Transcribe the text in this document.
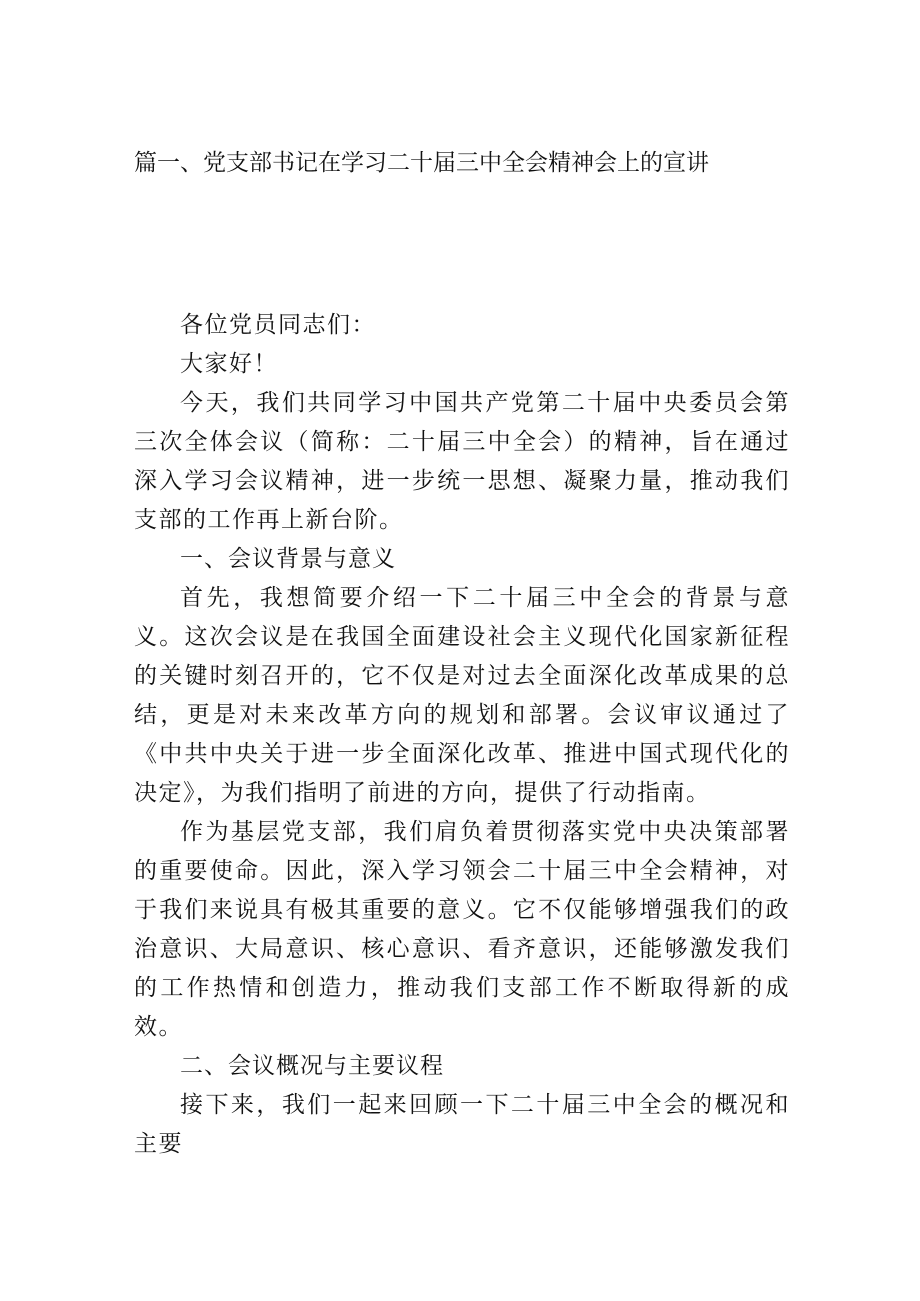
篇一、党支部书记在学习二十届三中全会精神会上的宣讲

各位党员同志们：

大家好！

今天，我们共同学习中国共产党第二十届中央委员会第三次全体会议（简称：二十届三中全会）的精神，旨在通过深入学习会议精神，进一步统一思想、凝聚力量，推动我们支部的工作再上新台阶。

一、会议背景与意义

首先，我想简要介绍一下二十届三中全会的背景与意义。这次会议是在我国全面建设社会主义现代化国家新征程的关键时刻召开的，它不仅是对过去全面深化改革成果的总结，更是对未来改革方向的规划和部署。会议审议通过了《中共中央关于进一步全面深化改革、推进中国式现代化的决定》，为我们指明了前进的方向，提供了行动指南。

作为基层党支部，我们肩负着贯彻落实党中央决策部署的重要使命。因此，深入学习领会二十届三中全会精神，对于我们来说具有极其重要的意义。它不仅能够增强我们的政治意识、大局意识、核心意识、看齐意识，还能够激发我们的工作热情和创造力，推动我们支部工作不断取得新的成效。

二、会议概况与主要议程

接下来，我们一起来回顾一下二十届三中全会的概况和主要
